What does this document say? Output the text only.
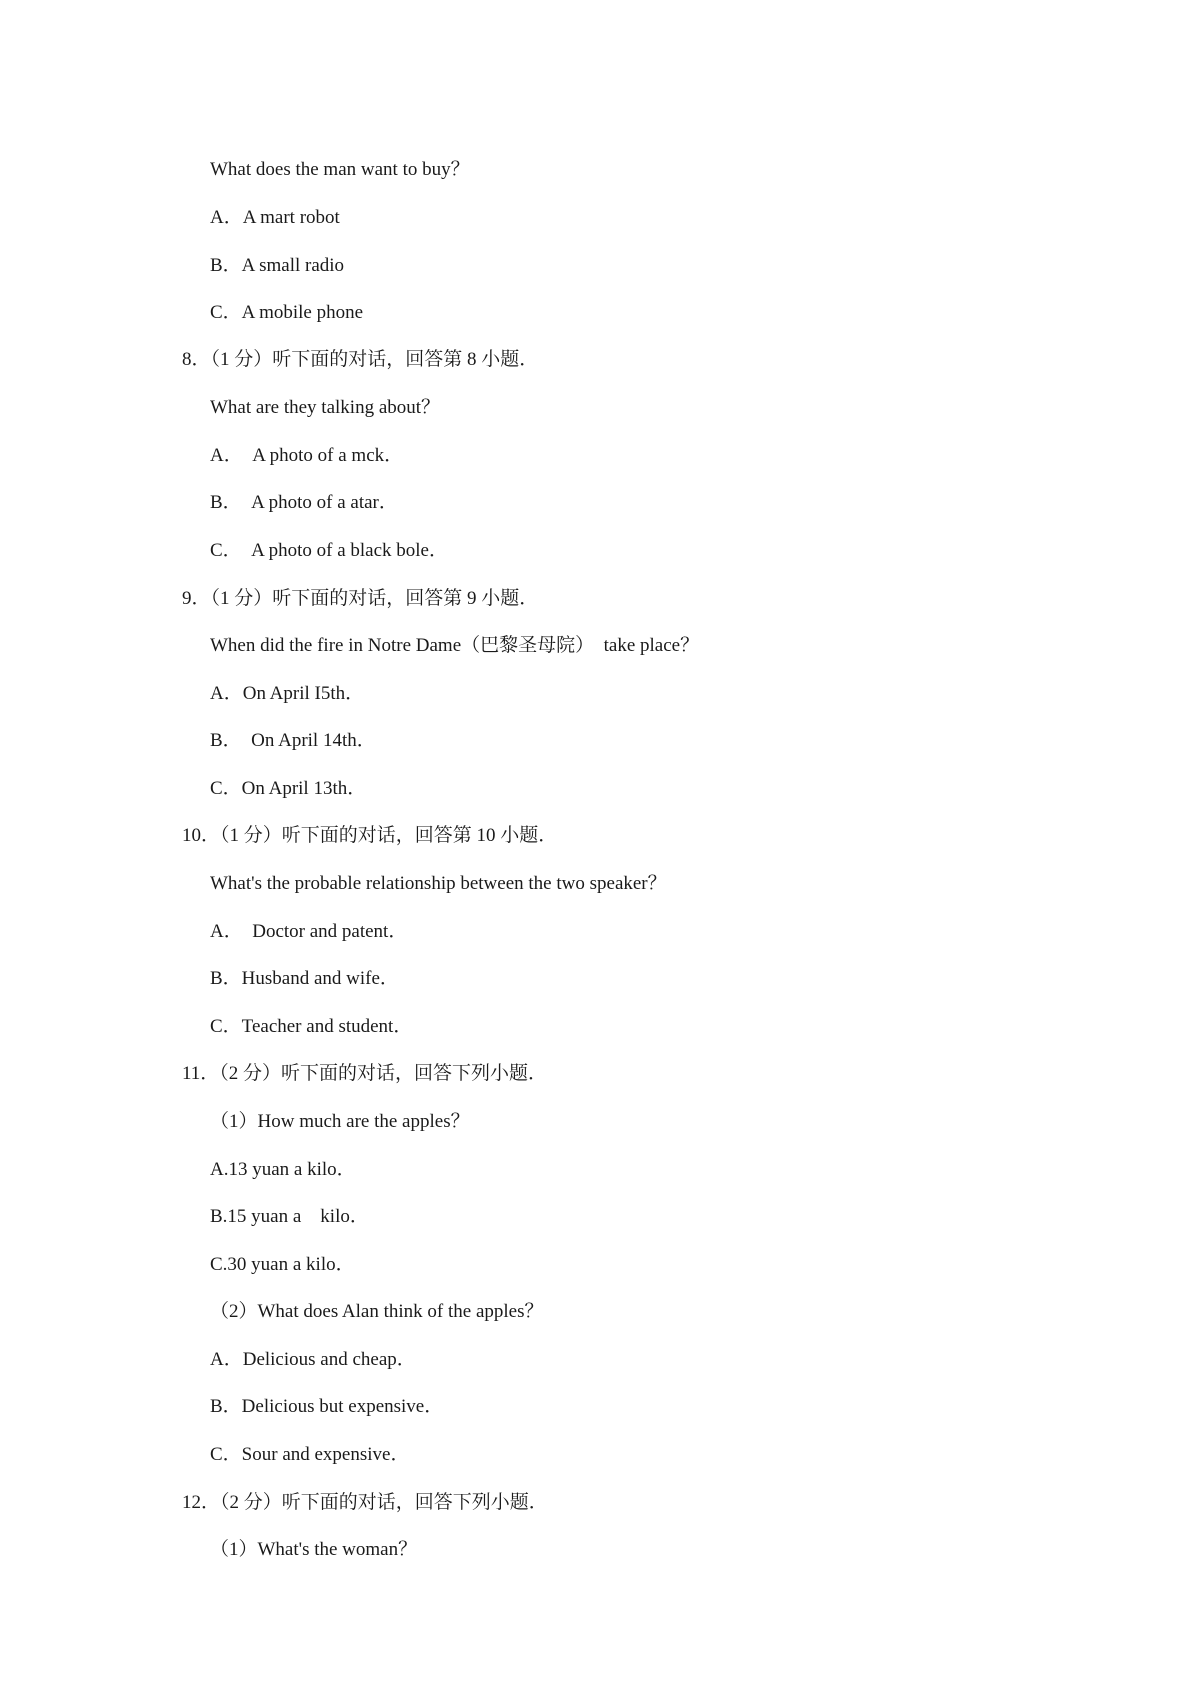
What does the man want to buy？
A．A mart robot
B．A small radio
C．A mobile phone
8．（1 分）听下面的对话，回答第 8 小题．
What are they talking about？
A．　A photo of a mck．
B．　A photo of a atar．
C．　A photo of a black bole．
9．（1 分）听下面的对话，回答第 9 小题．
When did the fire in Notre Dame（巴黎圣母院）　take place？
A．On April I5th．
B．　On April 14th．
C．On April 13th．
10．（1 分）听下面的对话，回答第 10 小题．
What's the probable relationship between the two speaker？
A．　Doctor and patent．
B．Husband and wife．
C．Teacher and student．
11．（2 分）听下面的对话，回答下列小题．
（1）How much are the apples？
A.13 yuan a kilo．
B.15 yuan a　kilo．
C.30 yuan a kilo．
（2）What does Alan think of the apples？
A．Delicious and cheap．
B．Delicious but expensive．
C．Sour and expensive．
12．（2 分）听下面的对话，回答下列小题．
（1）What's the woman？
